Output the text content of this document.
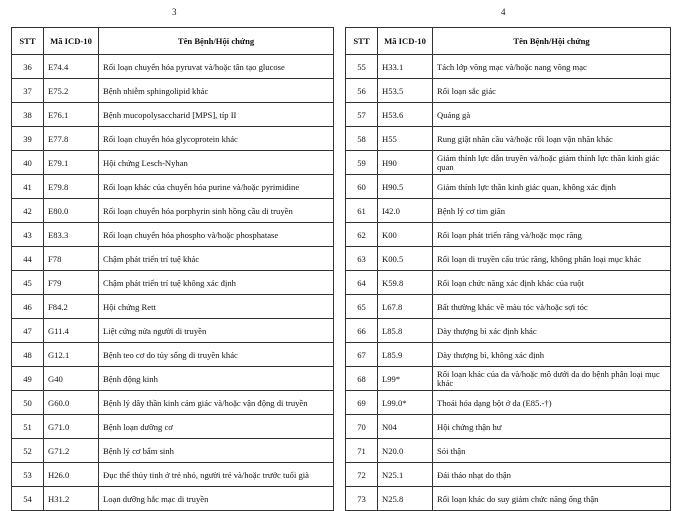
3	4
STT	Mã ICD-10	Tên Bệnh/Hội chứng
36	E74.4	Rối loạn chuyển hóa pyruvat và/hoặc tân tạo glucose
37	E75.2	Bệnh nhiễm sphingolipid khác
38	E76.1	Bệnh mucopolysaccharid [MPS], típ II
39	E77.8	Rối loạn chuyển hóa glycoprotein khác
40	E79.1	Hội chứng Lesch-Nyhan
41	E79.8	Rối loạn khác của chuyển hóa purine và/hoặc pyrimidine
42	E80.0	Rối loạn chuyển hóa porphyrin sinh hồng cầu di truyền
43	E83.3	Rối loạn chuyển hóa phospho và/hoặc phosphatase
44	F78	Chậm phát triển trí tuệ khác
45	F79	Chậm phát triển trí tuệ không xác định
46	F84.2	Hội chứng Rett
47	G11.4	Liệt cứng nửa người di truyền
48	G12.1	Bệnh teo cơ do tủy sống di truyền khác
49	G40	Bệnh động kinh
50	G60.0	Bệnh lý dây thần kinh cảm giác và/hoặc vận động di truyền
51	G71.0	Bệnh loạn dưỡng cơ
52	G71.2	Bệnh lý cơ bẩm sinh
53	H26.0	Đục thể thủy tinh ở trẻ nhỏ, người trẻ và/hoặc trước tuổi già
54	H31.2	Loạn dưỡng hắc mạc di truyền
STT	Mã ICD-10	Tên Bệnh/Hội chứng
55	H33.1	Tách lớp võng mạc và/hoặc nang võng mạc
56	H53.5	Rối loạn sắc giác
57	H53.6	Quáng gà
58	H55	Rung giật nhãn cầu và/hoặc rối loạn vận nhãn khác
59	H90	Giảm thính lực dẫn truyền và/hoặc giảm thính lực thần kinh giác quan
60	H90.5	Giảm thính lực thần kinh giác quan, không xác định
61	I42.0	Bệnh lý cơ tim giãn
62	K00	Rối loạn phát triển răng và/hoặc mọc răng
63	K00.5	Rối loạn di truyền cấu trúc răng, không phân loại mục khác
64	K59.8	Rối loạn chức năng xác định khác của ruột
65	L67.8	Bất thường khác về màu tóc và/hoặc sợi tóc
66	L85.8	Dày thượng bì xác định khác
67	L85.9	Dày thượng bì, không xác định
68	L99*	Rối loạn khác của da và/hoặc mô dưới da do bệnh phân loại mục khác
69	L99.0*	Thoái hóa dạng bột ở da (E85.-†)
70	N04	Hội chứng thận hư
71	N20.0	Sỏi thận
72	N25.1	Đái tháo nhạt do thận
73	N25.8	Rối loạn khác do suy giảm chức năng ống thận
